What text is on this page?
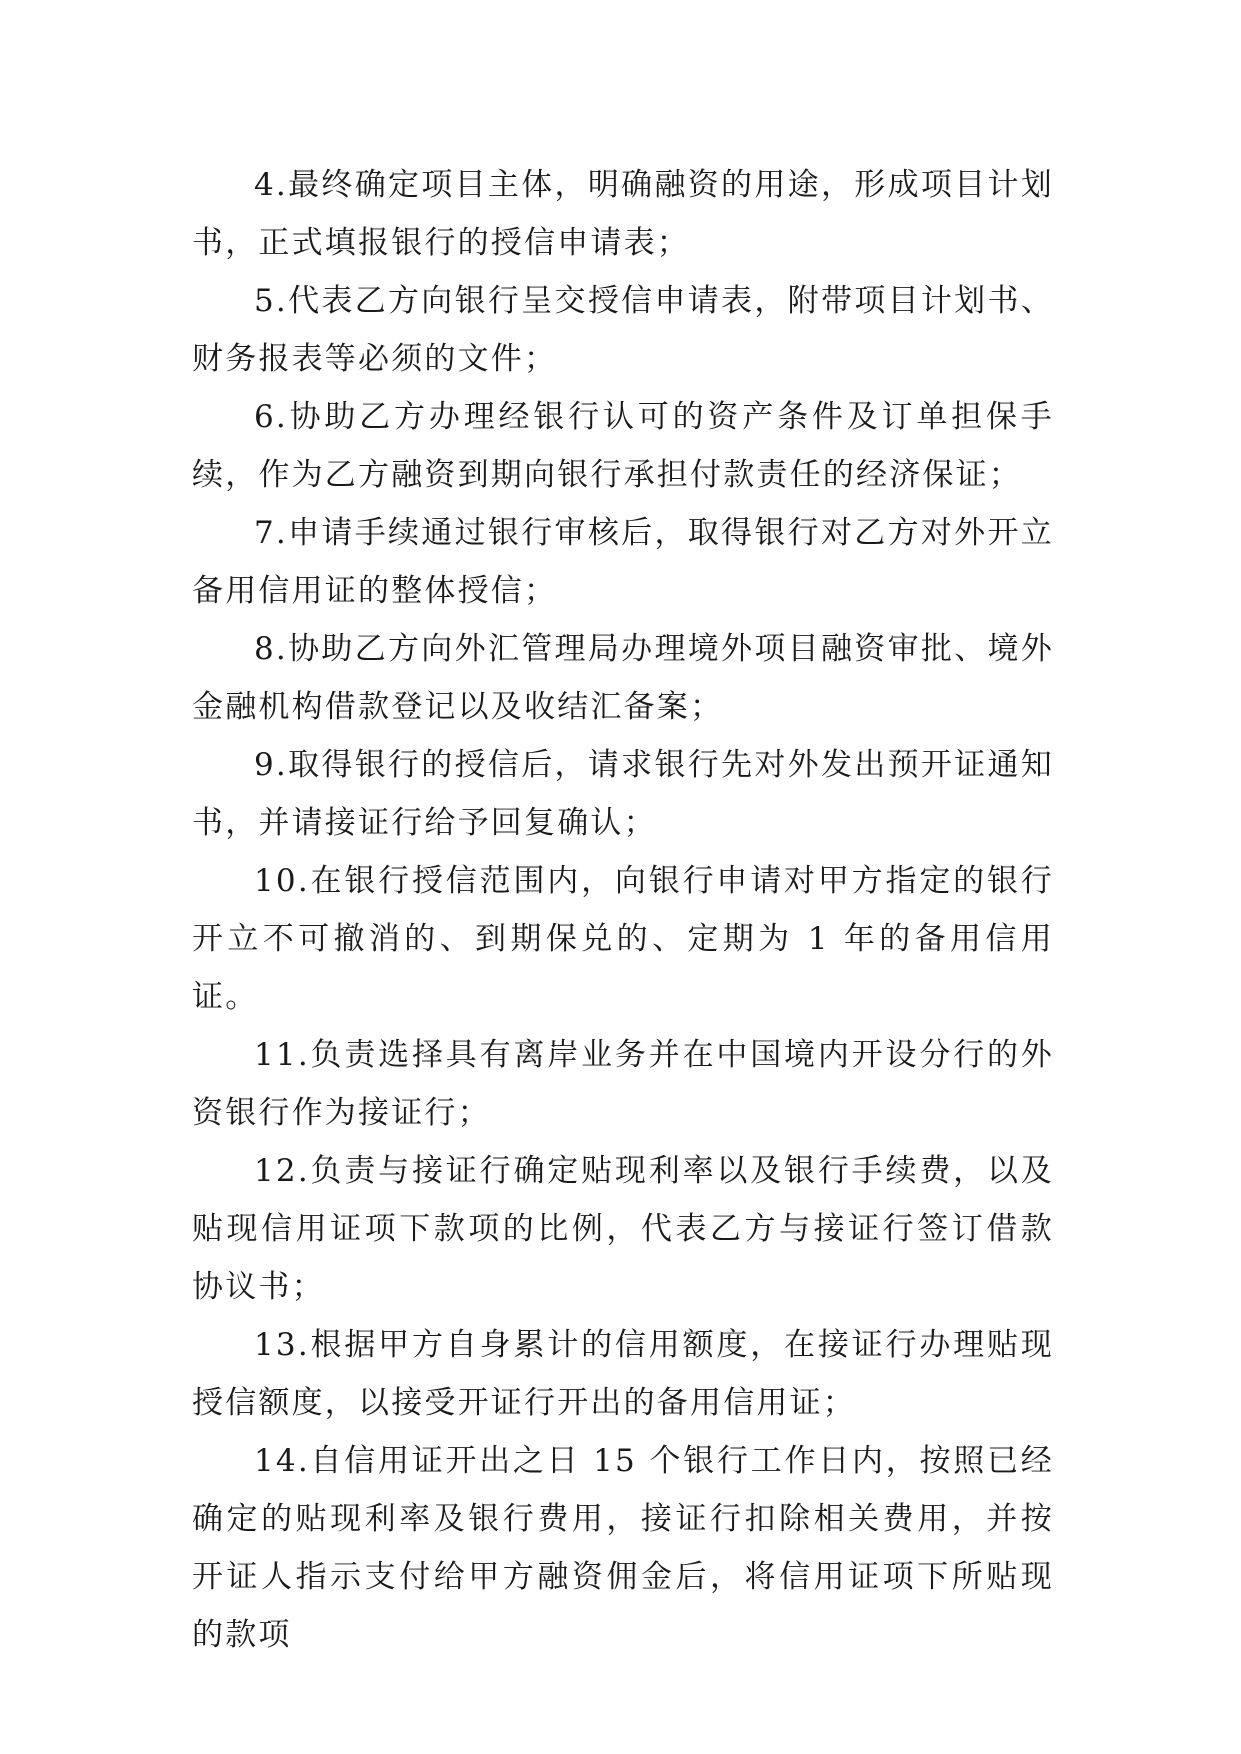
4.最终确定项目主体，明确融资的用途，形成项目计划书，正式填报银行的授信申请表；

5.代表乙方向银行呈交授信申请表，附带项目计划书、财务报表等必须的文件；

6.协助乙方办理经银行认可的资产条件及订单担保手续，作为乙方融资到期向银行承担付款责任的经济保证；

7.申请手续通过银行审核后，取得银行对乙方对外开立备用信用证的整体授信；

8.协助乙方向外汇管理局办理境外项目融资审批、境外金融机构借款登记以及收结汇备案；

9.取得银行的授信后，请求银行先对外发出预开证通知书，并请接证行给予回复确认；

10.在银行授信范围内，向银行申请对甲方指定的银行开立不可撤消的、到期保兑的、定期为 1 年的备用信用证。

11.负责选择具有离岸业务并在中国境内开设分行的外资银行作为接证行；

12.负责与接证行确定贴现利率以及银行手续费，以及贴现信用证项下款项的比例，代表乙方与接证行签订借款协议书；

13.根据甲方自身累计的信用额度，在接证行办理贴现授信额度，以接受开证行开出的备用信用证；

14.自信用证开出之日 15 个银行工作日内，按照已经确定的贴现利率及银行费用，接证行扣除相关费用，并按开证人指示支付给甲方融资佣金后，将信用证项下所贴现的款项
